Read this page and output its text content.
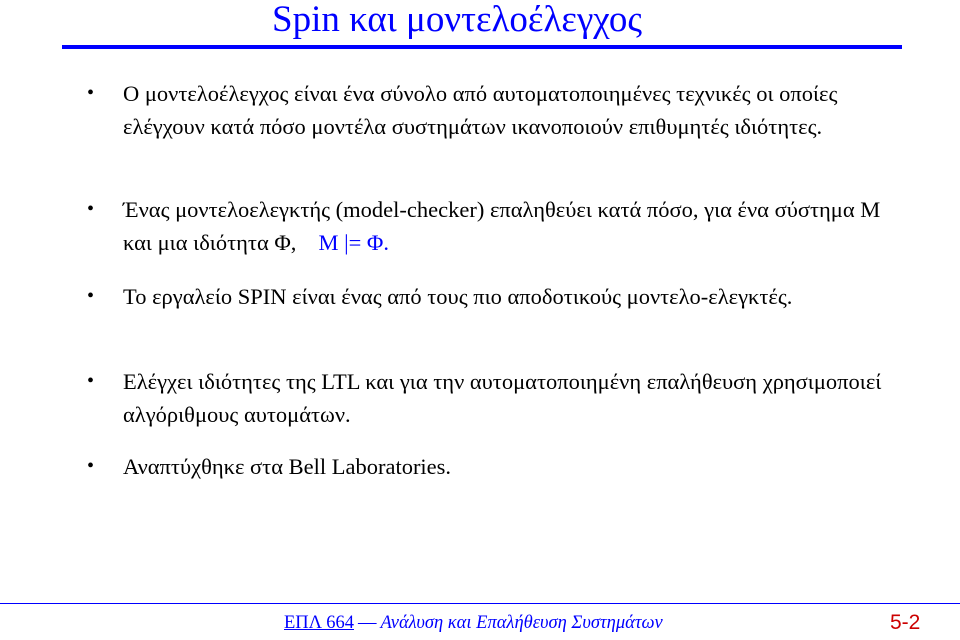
Spin και μοντελοέλεγχος
• Ο μοντελοέλεγχος είναι ένα σύνολο από αυτοματοποιημένες τεχνικές οι οποίες ελέγχουν κατά πόσο μοντέλα συστημάτων ικανοποιούν επιθυμητές ιδιότητες.
• Ένας μοντελοελεγκτής (model-checker) επαληθεύει κατά πόσο, για ένα σύστημα Μ και μια ιδιότητα Φ, M |= Φ.
• Το εργαλείο SPIN είναι ένας από τους πιο αποδοτικούς μοντελο-ελεγκτές.
• Ελέγχει ιδιότητες της LTL και για την αυτοματοποιημένη επαλήθευση χρησιμοποιεί αλγόριθμους αυτομάτων.
• Αναπτύχθηκε στα Bell Laboratories.
ΕΠΛ 664 — Ανάλυση και Επαλήθευση Συστημάτων	5-2
